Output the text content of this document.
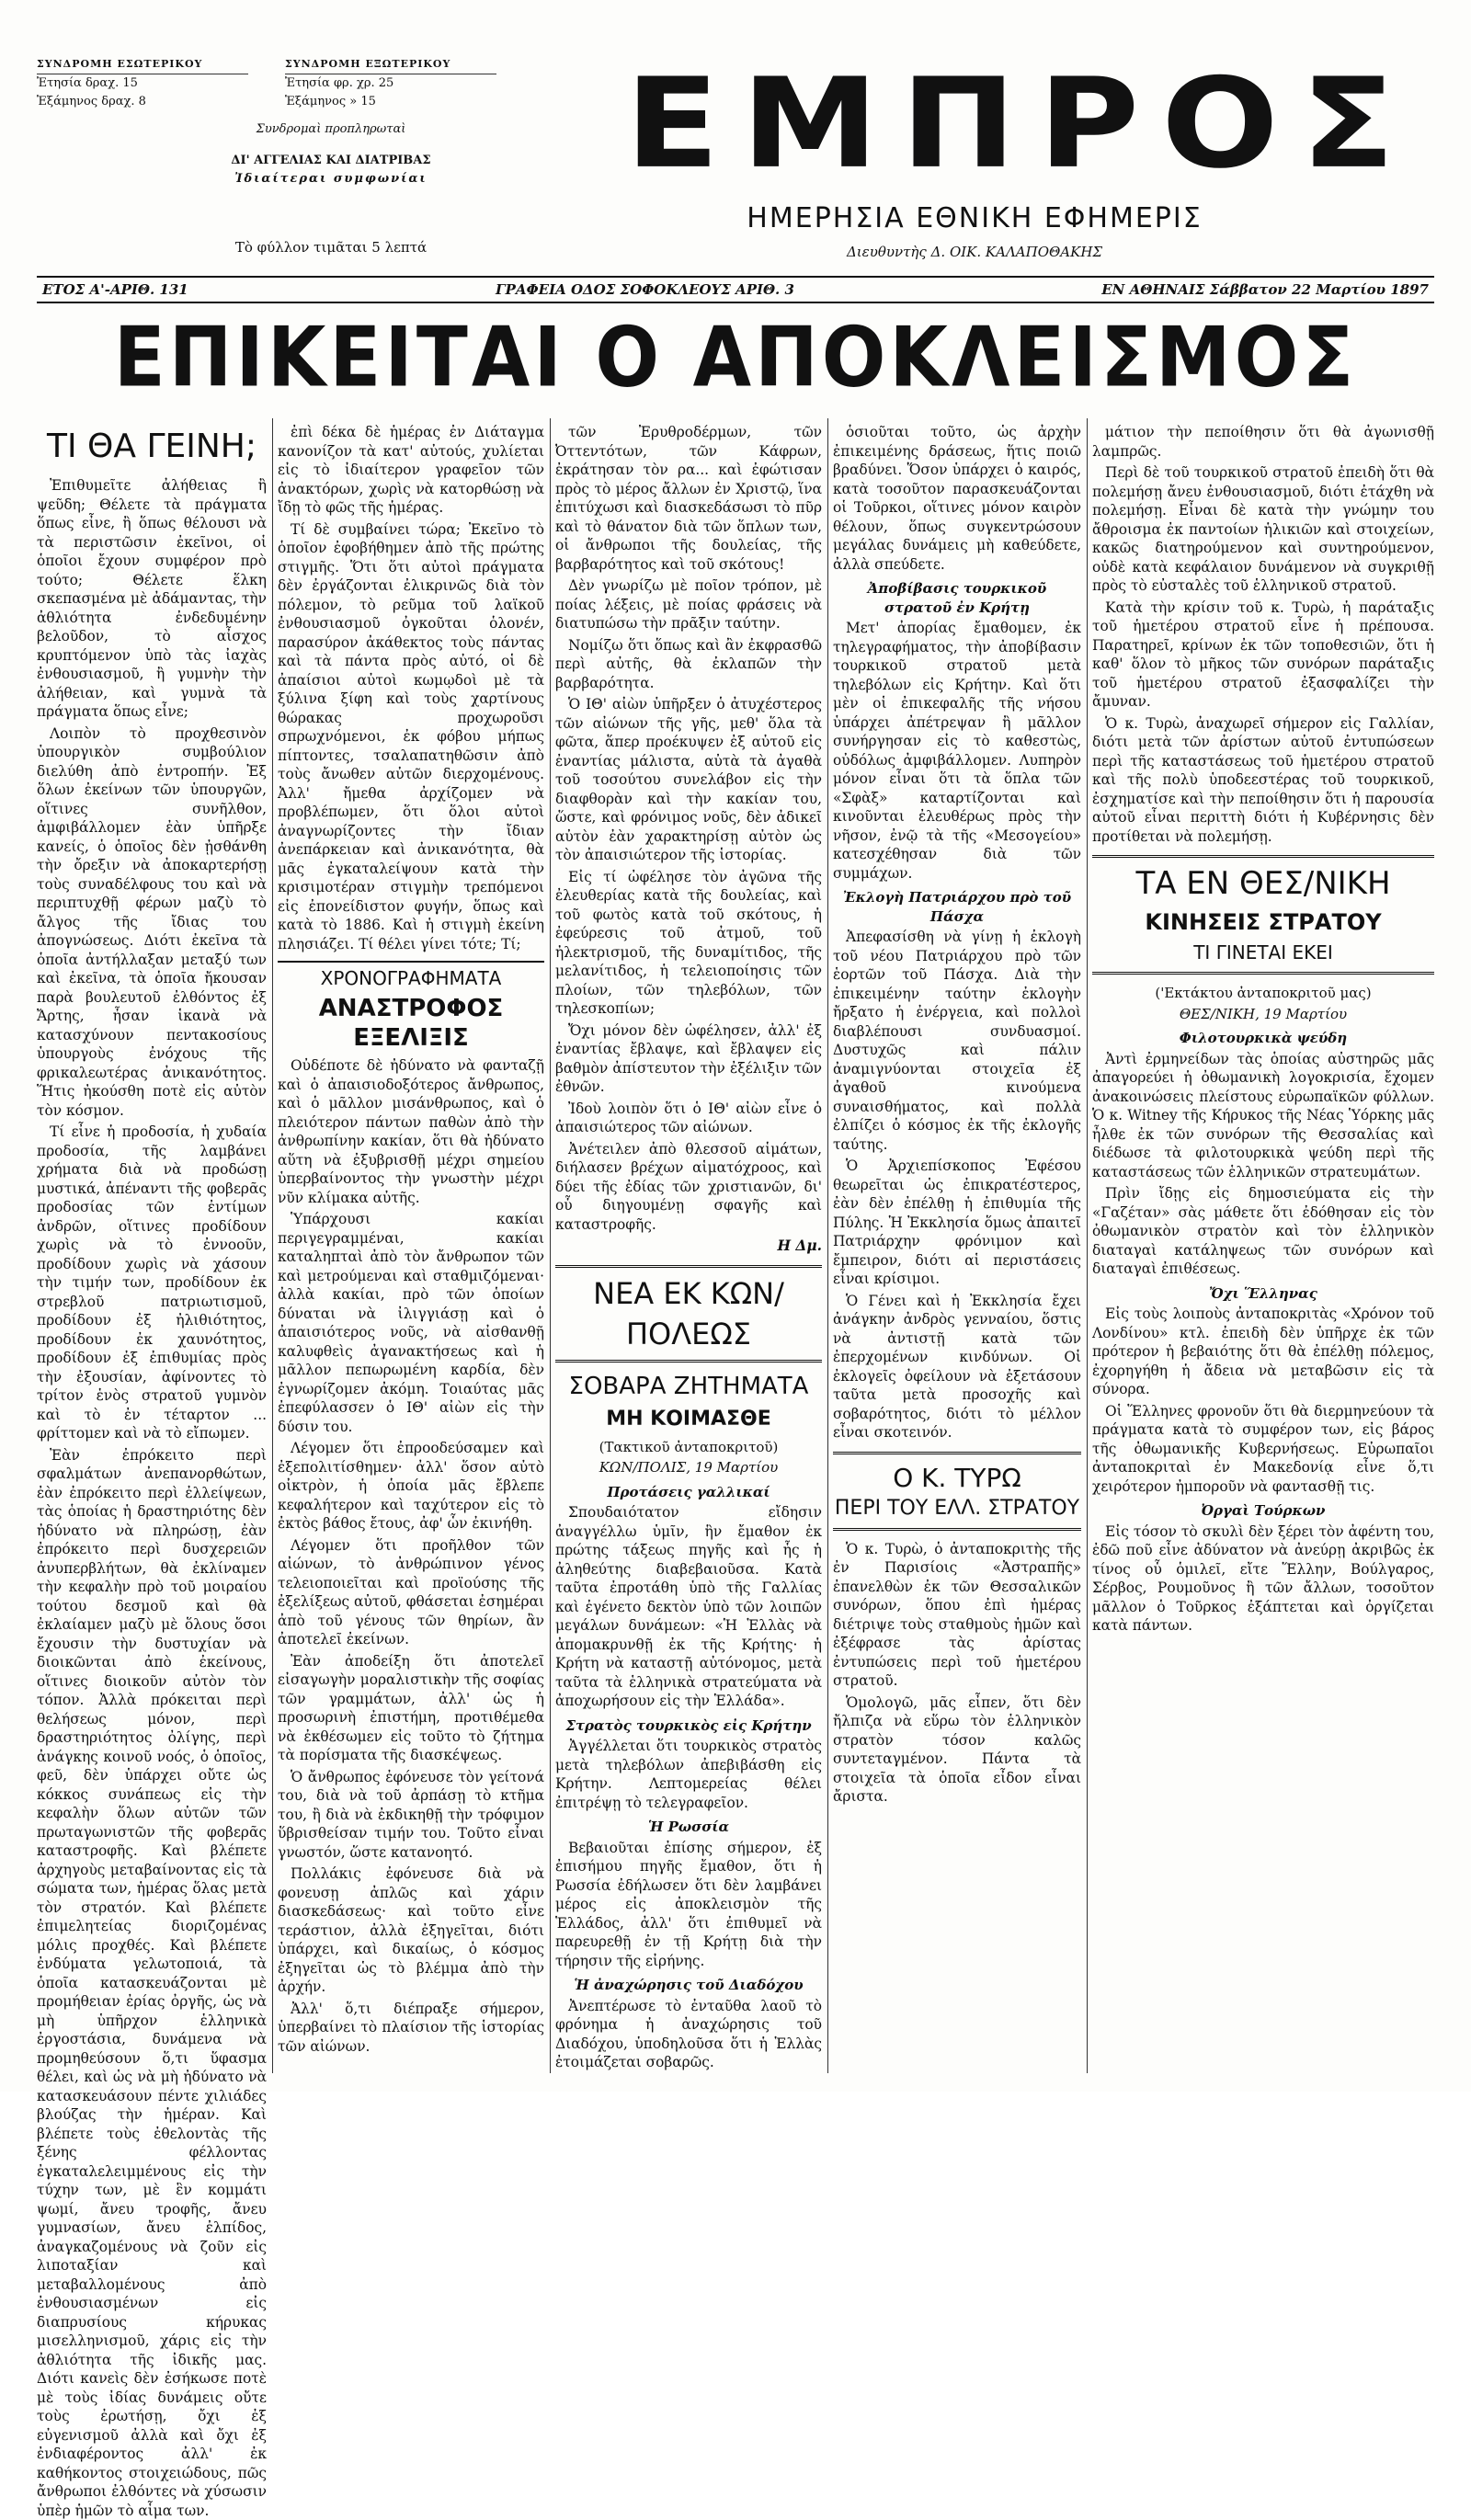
ΣΥΝΔΡΟΜΗ ΕΣΩΤΕΡΙΚΟΥ
Ἐτησία δραχ. 15
Ἑξάμηνος δραχ. 8
ΣΥΝΔΡΟΜΗ ΕΞΩΤΕΡΙΚΟΥ
Ἐτησία φρ. χρ. 25
Ἑξάμηνος » 15
Συνδρομαὶ προπληρωταὶ
ΔΙ' ΑΓΓΕΛΙΑΣ ΚΑΙ ΔΙΑΤΡΙΒΑΣ
Ἰδιαίτεραι συμφωνίαι
Τὸ φύλλον τιμᾶται 5 λεπτά
ΕΜΠΡΟΣ
ΗΜΕΡΗΣΙΑ ΕΘΝΙΚΗ ΕΦΗΜΕΡΙΣ
Διευθυντὴς Δ. ΟΙΚ. ΚΑΛΑΠΟΘΑΚΗΣ
ΕΤΟΣ Α'-ΑΡΙΘ. 131	ΓΡΑΦΕΙΑ ΟΔΟΣ ΣΟΦΟΚΛΕΟΥΣ ΑΡΙΘ. 3	ΕΝ ΑΘΗΝΑΙΣ Σάββατον 22 Μαρτίου 1897
ΕΠΙΚΕΙΤΑΙ Ο ΑΠΟΚΛΕΙΣΜΟΣ
ΤΙ ΘΑ ΓΕΙΝΗ;

Ἐπιθυμεῖτε ἀλήθειας ἢ ψεῦδη; Θέλετε τὰ πράγματα ὅπως εἶνε, ἢ ὅπως θέλουσι νὰ τὰ περιστῶσιν ἐκεῖνοι, οἱ ὁποῖοι ἔχουν συμφέρον πρὸ τούτο; Θέλετε ἕλκη σκεπασμένα μὲ ἀδάμαντας, τὴν ἀθλιότητα ἐνδεδυμένην βελοῦδον, τὸ αἶσχος κρυπτόμενον ὑπὸ τὰς ἰαχὰς ἐνθουσιασμοῦ, ἢ γυμνὴν τὴν ἀλήθειαν, καὶ γυμνὰ τὰ πράγματα ὅπως εἶνε;

Λοιπὸν τὸ προχθεσινὸν ὑπουργικὸν συμβούλιον διελύθη ἀπὸ ἐντροπήν. Ἐξ ὅλων ἐκείνων τῶν ὑπουργῶν, οἵτινες συνῆλθον, ἀμφιβάλλομεν ἐὰν ὑπῆρξε κανείς, ὁ ὁποῖος δὲν ᾐσθάνθη τὴν ὄρεξιν νὰ ἀποκαρτερήσῃ τοὺς συναδέλφους του καὶ νὰ περιπτυχθῇ φέρων μαζὺ τὸ ἄλγος τῆς ἴδιας του ἀπογνώσεως. Διότι ἐκεῖνα τὰ ὁποῖα ἀντήλλαξαν μεταξύ των καὶ ἐκεῖνα, τὰ ὁποῖα ἤκουσαν παρὰ βουλευτοῦ ἐλθόντος ἐξ Ἄρτης, ἦσαν ἱκανὰ νὰ κατασχύνουν πεντακοσίους ὑπουργοὺς ἐνόχους τῆς φρικαλεωτέρας ἀνικανότητος. Ἥτις ἠκούσθη ποτὲ εἰς αὐτὸν τὸν κόσμον.

Τί εἶνε ἡ προδοσία, ἡ χυδαία προδοσία, τῆς λαμβάνει χρήματα διὰ νὰ προδώσῃ μυστικά, ἀπέναντι τῆς φοβερᾶς προδοσίας τῶν ἐντίμων ἀνδρῶν, οἵτινες προδίδουν χωρὶς νὰ τὸ ἐννοοῦν, προδίδουν χωρὶς νὰ χάσουν τὴν τιμήν των, προδίδουν ἐκ στρεβλοῦ πατριωτισμοῦ, προδίδουν ἐξ ἠλιθιότητος, προδίδουν ἐκ χαυνότητος, προδίδουν ἐξ ἐπιθυμίας πρὸς τὴν ἐξουσίαν, ἀφίνοντες τὸ τρίτον ἑνὸς στρατοῦ γυμνὸν καὶ τὸ ἐν τέταρτον ... φρίττομεν καὶ νὰ τὸ εἴπωμεν.

Ἐὰν ἐπρόκειτο περὶ σφαλμάτων ἀνεπανορθώτων, ἐὰν ἐπρόκειτο περὶ ἐλλείψεων, τὰς ὁποίας ἡ δραστηριότης δὲν ἠδύνατο νὰ πληρώσῃ, ἐὰν ἐπρόκειτο περὶ δυσχερειῶν ἀνυπερβλήτων, θὰ ἐκλίναμεν τὴν κεφαλὴν πρὸ τοῦ μοιραίου τούτου δεσμοῦ καὶ θὰ ἐκλαίαμεν μαζὺ μὲ ὅλους ὅσοι ἔχουσιν τὴν δυστυχίαν νὰ διοικῶνται ἀπὸ ἐκείνους, οἵτινες διοικοῦν αὐτὸν τὸν τόπον. Ἀλλὰ πρόκειται περὶ θελήσεως μόνον, περὶ δραστηριότητος ὀλίγης, περὶ ἀνάγκης κοινοῦ νοός, ὁ ὁποῖος, φεῦ, δὲν ὑπάρχει οὔτε ὡς κόκκος συνάπεως εἰς τὴν κεφαλὴν ὅλων αὐτῶν τῶν πρωταγωνιστῶν τῆς φοβερᾶς καταστροφῆς. Καὶ βλέπετε ἀρχηγοὺς μεταβαίνοντας εἰς τὰ σώματα των, ἡμέρας ὅλας μετὰ τὸν στρατόν. Καὶ βλέπετε ἐπιμελητείας διοριζομένας μόλις προχθές. Καὶ βλέπετε ἐνδύματα γελωτοποιά, τὰ ὁποῖα κατασκευάζονται μὲ προμήθειαν ἐρίας ὀργῆς, ὡς νὰ μὴ ὑπῆρχον ἑλληνικὰ ἐργοστάσια, δυνάμενα νὰ προμηθεύσουν ὅ,τι ὕφασμα θέλει, καὶ ὡς νὰ μὴ ἠδύνατο νὰ κατασκευάσουν πέντε χιλιάδες βλούζας τὴν ἡμέραν. Καὶ βλέπετε τοὺς ἐθελοντὰς τῆς ξένης φέλλοντας ἐγκαταλελειμμένους εἰς τὴν τύχην των, μὲ ἓν κομμάτι ψωμί, ἄνευ τροφῆς, ἄνευ γυμνασίων, ἄνευ ἐλπίδος, ἀναγκαζομένους νὰ ζοῦν εἰς λιποταξίαν καὶ μεταβαλλομένους ἀπὸ ἐνθουσιασμένων εἰς διαπρυσίους κήρυκας μισελληνισμοῦ, χάρις εἰς τὴν ἀθλιότητα τῆς ἰδικῆς μας. Διότι κανεὶς δὲν ἐσήκωσε ποτὲ μὲ τοὺς ἰδίας δυνάμεις οὔτε τοὺς ἐρωτήσῃ, ὄχι ἐξ εὐγενισμοῦ ἀλλὰ καὶ ὄχι ἐξ ἐνδιαφέροντος ἀλλ' ἐκ καθήκοντος στοιχειώδους, πῶς ἄνθρωποι ἐλθόντες νὰ χύσωσιν ὑπὲρ ἡμῶν τὸ αἷμα των.

ἐπὶ δέκα δὲ ἡμέρας ἐν Διάταγμα κανονίζον τὰ κατ' αὐτούς, χυλίεται εἰς τὸ ἰδιαίτερον γραφεῖον τῶν ἀνακτόρων, χωρὶς νὰ κατορθώσῃ νὰ ἴδῃ τὸ φῶς τῆς ἡμέρας.

Τί δὲ συμβαίνει τώρα; Ἐκεῖνο τὸ ὁποῖον ἐφοβήθημεν ἀπὸ τῆς πρώτης στιγμῆς. Ὅτι ὅτι αὐτοὶ πράγματα δὲν ἐργάζονται ἐλικρινῶς διὰ τὸν πόλεμον, τὸ ρεῦμα τοῦ λαϊκοῦ ἐνθουσιασμοῦ ὀγκοῦται ὁλονέν, παρασύρον ἀκάθεκτος τοὺς πάντας καὶ τὰ πάντα πρὸς αὐτό, οἱ δὲ ἀπαίσιοι αὐτοὶ κωμῳδοὶ μὲ τὰ ξύλινα ξίφη καὶ τοὺς χαρτίνους θώρακας προχωροῦσι σπρωχνόμενοι, ἐκ φόβου μήπως πίπτοντες, τσαλαπατηθῶσιν ἀπὸ τοὺς ἄνωθεν αὐτῶν διερχομένους. Ἀλλ' ἤμεθα ἀρχίζομεν νὰ προβλέπωμεν, ὅτι ὅλοι αὐτοὶ ἀναγνωρίζοντες τὴν ἴδιαν ἀνεπάρκειαν καὶ ἀνικανότητα, θὰ μᾶς ἐγκαταλείψουν κατὰ τὴν κρισιμοτέραν στιγμὴν τρεπόμενοι εἰς ἐπονείδιστον φυγήν, ὅπως καὶ κατὰ τὸ 1886. Καὶ ἡ στιγμὴ ἐκείνη πλησιάζει. Τί θέλει γίνει τότε; Τί;

ΧΡΟΝΟΓΡΑΦΗΜΑΤΑ
ΑΝΑΣΤΡΟΦΟΣ ΕΞΕΛΙΞΙΣ

Οὐδέποτε δὲ ἠδύνατο νὰ φανταζῇ καὶ ὁ ἀπαισιοδοξότερος ἄνθρωπος, καὶ ὁ μᾶλλον μισάνθρωπος, καὶ ὁ πλειότερον πάντων παθὼν ἀπὸ τὴν ἀνθρωπίνην κακίαν, ὅτι θὰ ἠδύνατο αὕτη νὰ ἐξυβρισθῇ μέχρι σημείου ὑπερβαίνοντος τὴν γνωστὴν μέχρι νῦν κλίμακα αὐτῆς.

Ὑπάρχουσι κακίαι περιγεγραμμέναι, κακίαι καταληπταὶ ἀπὸ τὸν ἄνθρωπον τῶν καὶ μετρούμεναι καὶ σταθμιζόμεναι· ἀλλὰ κακίαι, πρὸ τῶν ὁποίων δύναται νὰ ἰλιγγιάσῃ καὶ ὁ ἀπαισιότερος νοῦς, νὰ αἰσθανθῇ καλυφθεὶς ἀγανακτήσεως καὶ ἡ μᾶλλον πεπωρωμένη καρδία, δὲν ἐγνωρίζομεν ἀκόμη. Τοιαύτας μᾶς ἐπεφύλασσεν ὁ ΙΘ' αἰὼν εἰς τὴν δύσιν του.

Λέγομεν ὅτι ἐπροοδεύσαμεν καὶ ἐξεπολιτίσθημεν· ἀλλ' ὅσον αὐτὸ οἰκτρὸν, ἡ ὁποία μᾶς ἔβλεπε κεφαλήτερον καὶ ταχύτερον εἰς τὸ ἐκτὸς βάθος ἔτους, ἀφ' ὧν ἐκινήθη.

Λέγομεν ὅτι προῆλθον τῶν αἰώνων, τὸ ἀνθρώπινον γένος τελειοποιεῖται καὶ προϊούσης τῆς ἐξελίξεως αὐτοῦ, φθάσεται ἐσημέραι ἀπὸ τοῦ γένους τῶν θηρίων, ἂν ἀποτελεῖ ἐκείνων.

Ἐὰν ἀποδείξη ὅτι ἀποτελεῖ εἰσαγωγὴν μοραλιστικὴν τῆς σοφίας τῶν γραμμάτων, ἀλλ' ὡς ἡ προσωρινὴ ἐπιστήμη, προτιθέμεθα νὰ ἐκθέσωμεν εἰς τοῦτο τὸ ζήτημα τὰ πορίσματα τῆς διασκέψεως.

Ὁ ἄνθρωπος ἐφόνευσε τὸν γείτονά του, διὰ νὰ τοῦ ἀρπάσῃ τὸ κτῆμα του, ἢ διὰ νὰ ἐκδικηθῇ τὴν τρόφιμον ὕβρισθείσαν τιμήν του. Τοῦτο εἶναι γνωστόν, ὥστε κατανοητό.

Πολλάκις ἐφόνευσε διὰ νὰ φονευσῃ ἀπλῶς καὶ χάριν διασκεδάσεως· καὶ τοῦτο εἶνε τεράστιον, ἀλλὰ ἐξηγεῖται, διότι ὑπάρχει, καὶ δικαίως, ὁ κόσμος ἐξηγεῖται ὡς τὸ βλέμμα ἀπὸ τὴν ἀρχήν.

Ἀλλ' ὅ,τι διέπραξε σήμερον, ὑπερβαίνει τὸ πλαίσιον τῆς ἱστορίας τῶν αἰώνων.

τῶν Ἐρυθροδέρμων, τῶν Ὀττεντότων, τῶν Κάφρων, ἐκράτησαν τὸν ρα... καὶ ἐφώτισαν πρὸς τὸ μέρος ἄλλων ἐν Χριστῷ, ἵνα ἐπιτύχωσι καὶ διασκεδάσωσι τὸ πῦρ καὶ τὸ θάνατον διὰ τῶν ὅπλων των, οἱ ἄνθρωποι τῆς δουλείας, τῆς βαρβαρότητος καὶ τοῦ σκότους!

Δὲν γνωρίζω μὲ ποῖον τρόπον, μὲ ποίας λέξεις, μὲ ποίας φράσεις νὰ διατυπώσω τὴν πρᾶξιν ταύτην.

Νομίζω ὅτι ὅπως καὶ ἂν ἐκφρασθῶ περὶ αὐτῆς, θὰ ἐκλαπῶν τὴν βαρβαρότητα.

Ὁ ΙΘ' αἰὼν ὑπῆρξεν ὁ ἀτυχέστερος τῶν αἰώνων τῆς γῆς, μεθ' ὅλα τὰ φῶτα, ἅπερ προέκυψεν ἐξ αὐτοῦ εἰς ἐναντίας μάλιστα, αὐτὰ τὰ ἀγαθὰ τοῦ τοσούτου συνελάβον εἰς τὴν διαφθορὰν καὶ τὴν κακίαν του, ὥστε, καὶ φρόνιμος νοῦς, δὲν ἀδικεῖ αὐτὸν ἐὰν χαρακτηρίσῃ αὐτὸν ὡς τὸν ἀπαισιώτερον τῆς ἱστορίας.

Εἰς τί ὠφέλησε τὸν ἀγῶνα τῆς ἐλευθερίας κατὰ τῆς δουλείας, καὶ τοῦ φωτὸς κατὰ τοῦ σκότους, ἡ ἐφεύρεσις τοῦ ἀτμοῦ, τοῦ ἠλεκτρισμοῦ, τῆς δυναμίτιδος, τῆς μελανίτιδος, ἡ τελειοποίησις τῶν πλοίων, τῶν τηλεβόλων, τῶν τηλεσκοπίων;

Ὄχι μόνον δὲν ὠφέλησεν, ἀλλ' ἐξ ἐναντίας ἔβλαψε, καὶ ἔβλαψεν εἰς βαθμὸν ἀπίστευτον τὴν ἐξέλιξιν τῶν ἐθνῶν.

Ἰδοὺ λοιπὸν ὅτι ὁ ΙΘ' αἰὼν εἶνε ὁ ἀπαισιώτερος τῶν αἰώνων.

Ἀνέτειλεν ἀπὸ θλεσσοῦ αἱμάτων, διήλασεν βρέχων αἱματόχροος, καὶ δύει τῆς ἐδίας τῶν χριστιανῶν, δι' οὗ διηγουμένῃ σφαγῆς καὶ καταστροφῆς.

Η Δμ.
ΝΕΑ ΕΚ ΚΩΝ/ΠΟΛΕΩΣ
ΣΟΒΑΡΑ ΖΗΤΗΜΑΤΑ
ΜΗ ΚΟΙΜΑΣΘΕ
(Τακτικοῦ ἀνταποκριτοῦ)
ΚΩΝ/ΠΟΛΙΣ, 19 Μαρτίου
Προτάσεις γαλλικαί

Σπουδαιότατον εἴδησιν ἀναγγέλλω ὑμῖν, ἣν ἔμαθον ἐκ πρώτης τάξεως πηγῆς καὶ ἧς ἡ ἀληθεύτης διαβεβαιοῦσα. Κατὰ ταῦτα ἐπροτάθη ὑπὸ τῆς Γαλλίας καὶ ἐγένετο δεκτὸν ὑπὸ τῶν λοιπῶν μεγάλων δυνάμεων: «Ἡ Ἑλλὰς νὰ ἀπομακρυνθῇ ἐκ τῆς Κρήτης· ἡ Κρήτη νὰ καταστῇ αὐτόνομος, μετὰ ταῦτα τὰ ἑλληνικὰ στρατεύματα νὰ ἀποχωρήσουν εἰς τὴν Ἑλλάδα».

Στρατὸς τουρκικὸς εἰς Κρήτην

Ἀγγέλλεται ὅτι τουρκικὸς στρατὸς μετὰ τηλεβόλων ἀπεβιβάσθη εἰς Κρήτην. Λεπτομερείας θέλει ἐπιτρέψῃ τὸ τελεγραφεῖον.

Ἡ Ρωσσία

Βεβαιοῦται ἐπίσης σήμερον, ἐξ ἐπισήμου πηγῆς ἔμαθον, ὅτι ἡ Ρωσσία ἐδήλωσεν ὅτι δὲν λαμβάνει μέρος εἰς ἀποκλεισμὸν τῆς Ἑλλάδος, ἀλλ' ὅτι ἐπιθυμεῖ νὰ παρευρεθῇ ἐν τῇ Κρήτῃ διὰ τὴν τήρησιν τῆς εἰρήνης.

Ἡ ἀναχώρησις τοῦ Διαδόχου

Ἀνεπτέρωσε τὸ ἐνταῦθα λαοῦ τὸ φρόνημα ἡ ἀναχώρησις τοῦ Διαδόχου, ὑποδηλοῦσα ὅτι ἡ Ἑλλὰς ἐτοιμάζεται σοβαρῶς.

ὁσιοῦται τοῦτο, ὡς ἀρχὴν ἐπικειμένης δράσεως, ἥτις ποιῶ βραδύνει. Ὅσον ὑπάρχει ὁ καιρός, κατὰ τοσοῦτον παρασκευάζονται οἱ Τοῦρκοι, οἵτινες μόνον καιρὸν θέλουν, ὅπως συγκεντρώσουν μεγάλας δυνάμεις μὴ καθεύδετε, ἀλλὰ σπεύδετε.

Ἀποβίβασις τουρκικοῦ στρατοῦ ἐν Κρήτῃ

Μετ' ἀπορίας ἔμαθομεν, ἐκ τηλεγραφήματος, τὴν ἀποβίβασιν τουρκικοῦ στρατοῦ μετὰ τηλεβόλων εἰς Κρήτην. Καὶ ὅτι μὲν οἱ ἐπικεφαλῆς τῆς νήσου ὑπάρχει ἀπέτρεψαν ἢ μᾶλλον συνήργησαν εἰς τὸ καθεστὼς, οὐδόλως ἀμφιβάλλομεν. Λυπηρὸν μόνον εἶναι ὅτι τὰ ὅπλα τῶν «Σφὰξ» καταρτίζονται καὶ κινοῦνται ἐλευθέρως πρὸς τὴν νῆσον, ἐνῷ τὰ τῆς «Μεσογείου» κατεσχέθησαν διὰ τῶν συμμάχων.

Ἐκλογὴ Πατριάρχου πρὸ τοῦ Πάσχα

Ἀπεφασίσθη νὰ γίνῃ ἡ ἐκλογὴ τοῦ νέου Πατριάρχου πρὸ τῶν ἑορτῶν τοῦ Πάσχα. Διὰ τὴν ἐπικειμένην ταύτην ἐκλογὴν ἤρξατο ἡ ἐνέργεια, καὶ πολλοὶ διαβλέπουσι συνδυασμοί. Δυστυχῶς καὶ πάλιν ἀναμιγνύονται στοιχεῖα ἐξ ἀγαθοῦ κινούμενα συναισθήματος, καὶ πολλὰ ἐλπίζει ὁ κόσμος ἐκ τῆς ἐκλογῆς ταύτης.

Ὁ Ἀρχιεπίσκοπος Ἐφέσου θεωρεῖται ὡς ἐπικρατέστερος, ἐὰν δὲν ἐπέλθῃ ἡ ἐπιθυμία τῆς Πύλης. Ἡ Ἐκκλησία ὅμως ἀπαιτεῖ Πατριάρχην φρόνιμον καὶ ἔμπειρον, διότι αἱ περιστάσεις εἶναι κρίσιμοι.

Ὁ Γένει καὶ ἡ Ἐκκλησία ἔχει ἀνάγκην ἀνδρὸς γενναίου, ὅστις νὰ ἀντιστῇ κατὰ τῶν ἐπερχομένων κινδύνων. Οἱ ἐκλογεῖς ὀφείλουν νὰ ἐξετάσουν ταῦτα μετὰ προσοχῆς καὶ σοβαρότητος, διότι τὸ μέλλον εἶναι σκοτεινόν.

Ο Κ. ΤΥΡΩ
ΠΕΡΙ ΤΟΥ ΕΛΛ. ΣΤΡΑΤΟΥ

Ὁ κ. Τυρὼ, ὁ ἀνταποκριτὴς τῆς ἐν Παρισίοις «Ἀστραπῆς» ἐπανελθὼν ἐκ τῶν Θεσσαλικῶν συνόρων, ὅπου ἐπὶ ἡμέρας διέτριψε τοὺς σταθμοὺς ἡμῶν καὶ ἐξέφρασε τὰς ἀρίστας ἐντυπώσεις περὶ τοῦ ἡμετέρου στρατοῦ.

Ὁμολογῶ, μᾶς εἶπεν, ὅτι δὲν ἤλπιζα νὰ εὕρω τὸν ἑλληνικὸν στρατὸν τόσον καλῶς συντεταγμένον. Πάντα τὰ στοιχεῖα τὰ ὁποῖα εἶδον εἶναι ἄριστα.

μάτιον τὴν πεποίθησιν ὅτι θὰ ἀγωνισθῇ λαμπρῶς.

Περὶ δὲ τοῦ τουρκικοῦ στρατοῦ ἐπειδὴ ὅτι θὰ πολεμήσῃ ἄνευ ἐνθουσιασμοῦ, διότι ἐτάχθη νὰ πολεμήσῃ. Εἶναι δὲ κατὰ τὴν γνώμην του ἄθροισμα ἐκ παντοίων ἡλικιῶν καὶ στοιχείων, κακῶς διατηρούμενον καὶ συντηρούμενον, οὐδὲ κατὰ κεφάλαιον δυνάμενον νὰ συγκριθῇ πρὸς τὸ εὐσταλὲς τοῦ ἑλληνικοῦ στρατοῦ.

Κατὰ τὴν κρίσιν τοῦ κ. Τυρὼ, ἡ παράταξις τοῦ ἡμετέρου στρατοῦ εἶνε ἡ πρέπουσα. Παρατηρεῖ, κρίνων ἐκ τῶν τοποθεσιῶν, ὅτι ἡ καθ' ὅλον τὸ μῆκος τῶν συνόρων παράταξις τοῦ ἡμετέρου στρατοῦ ἐξασφαλίζει τὴν ἄμυναν.

Ὁ κ. Τυρὼ, ἀναχωρεῖ σήμερον εἰς Γαλλίαν, διότι μετὰ τῶν ἀρίστων αὐτοῦ ἐντυπώσεων περὶ τῆς καταστάσεως τοῦ ἡμετέρου στρατοῦ καὶ τῆς πολὺ ὑποδεεστέρας τοῦ τουρκικοῦ, ἐσχηματίσε καὶ τὴν πεποίθησιν ὅτι ἡ παρουσία αὐτοῦ εἶναι περιττὴ διότι ἡ Κυβέρνησις δὲν προτίθεται νὰ πολεμήσῃ.

ΤΑ ΕΝ ΘΕΣ/ΝΙΚΗ
ΚΙΝΗΣΕΙΣ ΣΤΡΑΤΟΥ
ΤΙ ΓΙΝΕΤΑΙ ΕΚΕΙ
('Εκτάκτου ἀνταποκριτοῦ μας)
ΘΕΣ/ΝΙΚΗ, 19 Μαρτίου
Φιλοτουρκικὰ ψεύδη

Ἀντὶ ἐρμηνείδων τὰς ὁποίας αὐστηρῶς μᾶς ἀπαγορεύει ἡ ὀθωμανικὴ λογοκρισία, ἔχομεν ἀνακοινώσεις πλείστους εὐρωπαϊκῶν φύλλων. Ὁ κ. Witney τῆς Κήρυκος τῆς Νέας Ὑόρκης μᾶς ἦλθε ἐκ τῶν συνόρων τῆς Θεσσαλίας καὶ διέδωσε τὰ φιλοτουρκικὰ ψεύδη περὶ τῆς καταστάσεως τῶν ἑλληνικῶν στρατευμάτων.

Πρὶν ἴδῃς εἰς δημοσιεύματα εἰς τὴν «Γαζέταν» σὰς μάθετε ὅτι ἐδόθησαν εἰς τὸν ὀθωμανικὸν στρατὸν καὶ τὸν ἑλληνικὸν διαταγαὶ κατάληψεως τῶν συνόρων καὶ διαταγαὶ ἐπιθέσεως.

Ὄχι Ἕλληνας

Εἰς τοὺς λοιποὺς ἀνταποκριτὰς «Χρόνον τοῦ Λονδίνου» κτλ. ἐπειδὴ δὲν ὑπῆρχε ἐκ τῶν πρότερον ἡ βεβαιότης ὅτι θὰ ἐπέλθῃ πόλεμος, ἐχορηγήθη ἡ ἄδεια νὰ μεταβῶσιν εἰς τὰ σύνορα.

Οἱ Ἕλληνες φρονοῦν ὅτι θὰ διερμηνεύουν τὰ πράγματα κατὰ τὸ συμφέρον των, εἰς βάρος τῆς ὀθωμανικῆς Κυβερνήσεως. Εὐρωπαῖοι ἀνταποκριταὶ ἐν Μακεδονίᾳ εἶνε ὅ,τι χειρότερον ἠμποροῦν νὰ φαντασθῇ τις.

Ὀργαὶ Τούρκων

Εἰς τόσον τὸ σκυλὶ δὲν ξέρει τὸν ἀφέντη του, ἐδῶ ποῦ εἶνε ἀδύνατον νὰ ἀνεύρῃ ἀκριβῶς ἐκ τίνος οὗ ὁμιλεῖ, εἴτε Ἕλλην, Βούλγαρος, Σέρβος, Ρουμοῦνος ἢ τῶν ἄλλων, τοσοῦτον μᾶλλον ὁ Τοῦρκος ἐξάπτεται καὶ ὀργίζεται κατὰ πάντων.
